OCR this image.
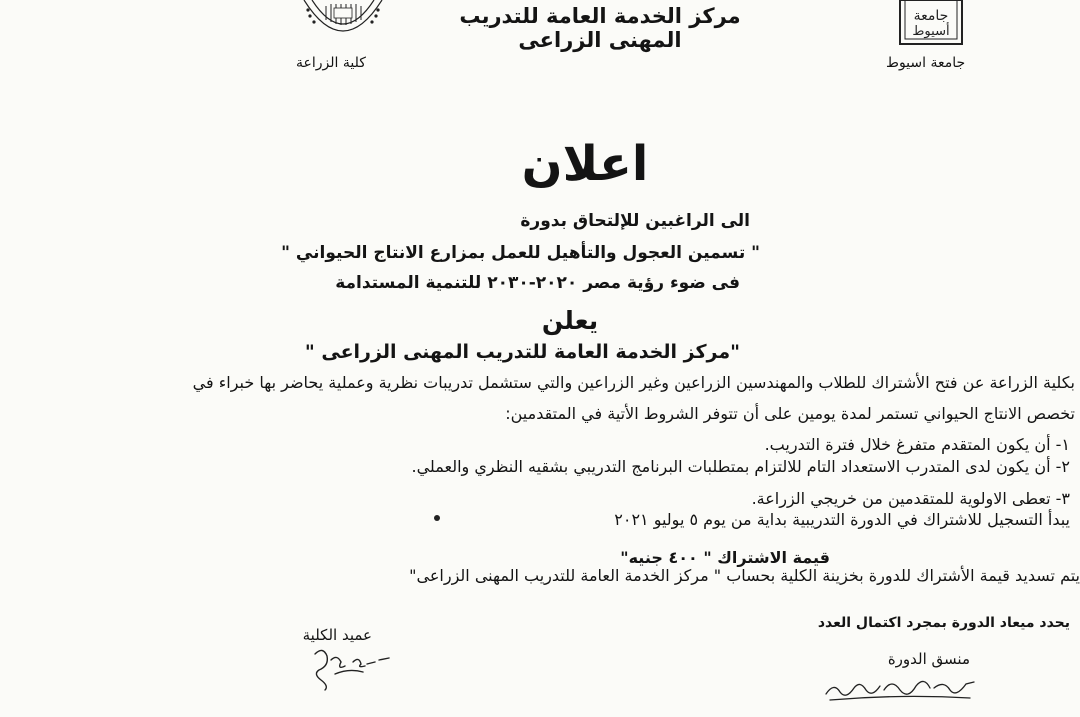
مركز الخدمة العامة للتدريب المهنى الزراعى
جامعة
أسيوط
كلية الزراعة	جامعة اسيوط
اعلان
الى الراغبين للإلتحاق بدورة
" تسمين العجول والتأهيل للعمل بمزارع الانتاج الحيواني "
فى ضوء رؤية مصر ٢٠٢٠-٢٠٣٠ للتنمية المستدامة
يعلن
"مركز الخدمة العامة للتدريب المهنى الزراعى "
بكلية الزراعة عن فتح الأشتراك للطلاب والمهندسين الزراعين وغير الزراعين والتي ستشمل تدريبات نظرية وعملية يحاضر بها خبراء في
تخصص الانتاج الحيواني تستمر لمدة يومين على أن تتوفر الشروط الأتية في المتقدمين:
١- أن يكون المتقدم متفرغ خلال فترة التدريب.
٢- أن يكون لدى المتدرب الاستعداد التام للالتزام بمتطلبات البرنامج التدريبي بشقيه النظري والعملي.
٣- تعطى الاولوية للمتقدمين من خريجي الزراعة.
يبدأ التسجيل للاشتراك في الدورة التدريبية بداية من يوم ٥ يوليو ٢٠٢١
قيمة الاشتراك " ٤٠٠ جنيه"
يتم تسديد قيمة الأشتراك للدورة بخزينة الكلية بحساب " مركز الخدمة العامة للتدريب المهنى الزراعى"
يحدد ميعاد الدورة بمجرد اكتمال العدد
عميد الكلية
منسق الدورة
